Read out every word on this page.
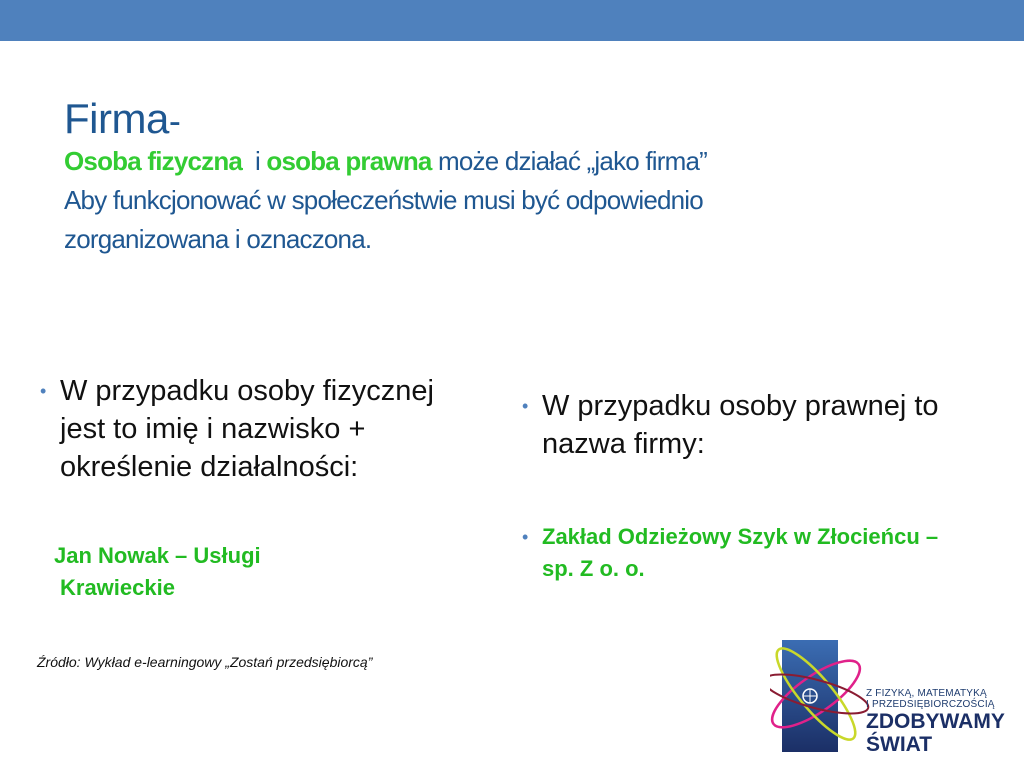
Firma-
Osoba fizyczna i osoba prawna może działać „jako firma”
Aby funkcjonować w społeczeństwie musi być odpowiednio
zorganizowana i oznaczona.
• W przypadku osoby fizycznej jest to imię i nazwisko + określenie działalności:
Jan Nowak – Usługi
Krawieckie
• W przypadku osoby prawnej to nazwa firmy:
• Zakład Odzieżowy Szyk w Złocieńcu – sp. Z o. o.
Źródło: Wykład e-learningowy „Zostań przedsiębiorcą”
Z FIZYKĄ, MATEMATYKĄ
I PRZEDSIĘBIORCZOŚCIĄ
ZDOBYWAMY
ŚWIAT
